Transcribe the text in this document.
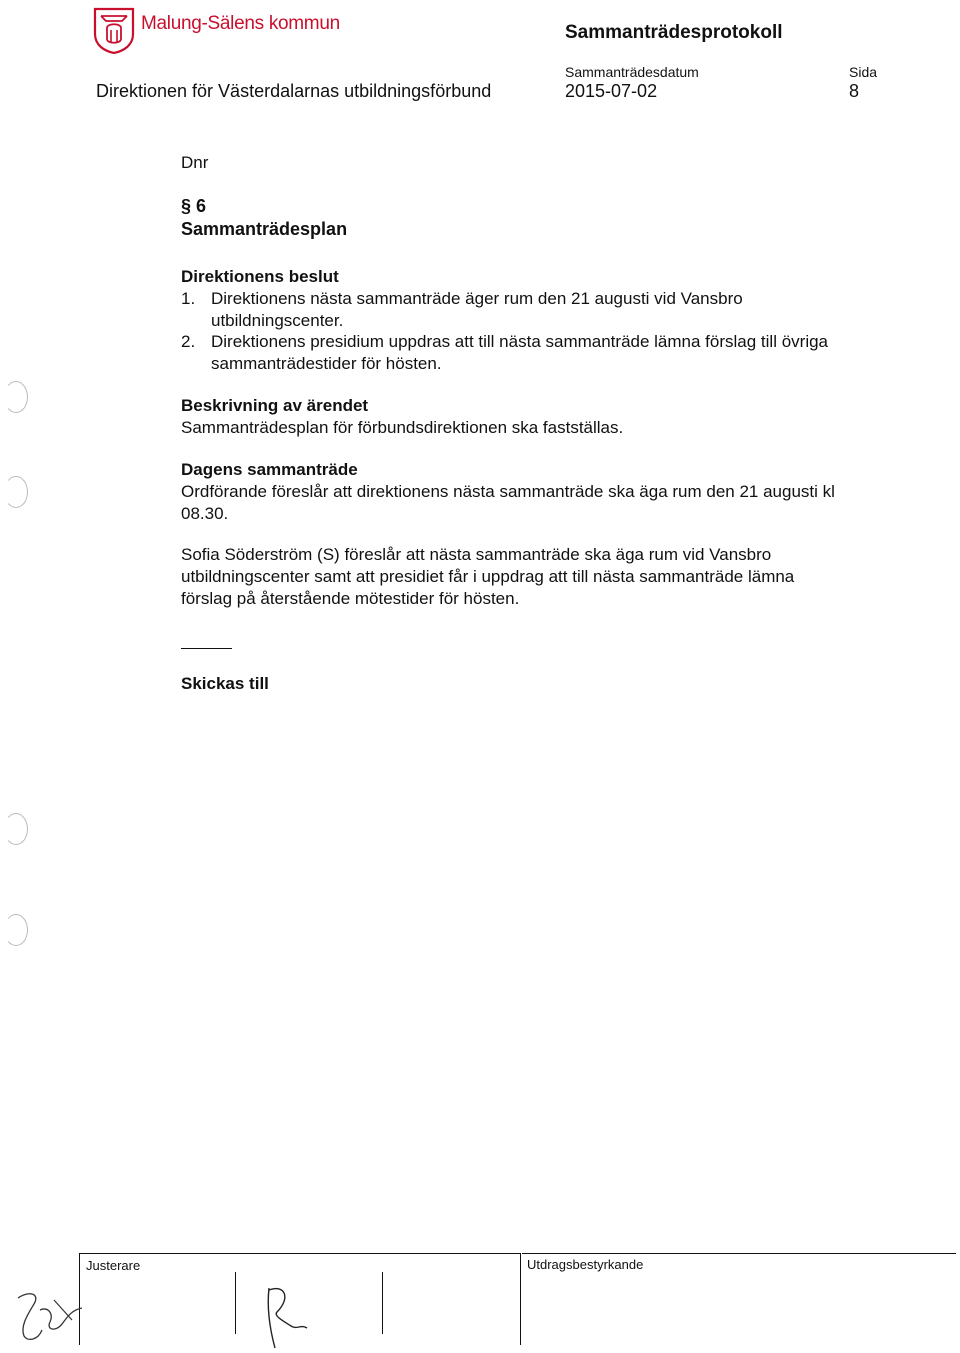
Malung-Sälens kommun	Sammanträdesprotokoll
Sammanträdesdatum	Sida
Direktionen för Västerdalarnas utbildningsförbund	2015-07-02	8
Dnr
§ 6
Sammanträdesplan
Direktionens beslut
1. Direktionens nästa sammanträde äger rum den 21 augusti vid Vansbro
utbildningscenter.
2. Direktionens presidium uppdras att till nästa sammanträde lämna förslag till övriga
sammanträdestider för hösten.
Beskrivning av ärendet
Sammanträdesplan för förbundsdirektionen ska fastställas.
Dagens sammanträde
Ordförande föreslår att direktionens nästa sammanträde ska äga rum den 21 augusti kl
08.30.
Sofia Söderström (S) föreslår att nästa sammanträde ska äga rum vid Vansbro
utbildningscenter samt att presidiet får i uppdrag att till nästa sammanträde lämna
förslag på återstående mötestider för hösten.
Skickas till
Justerare	Utdragsbestyrkande
